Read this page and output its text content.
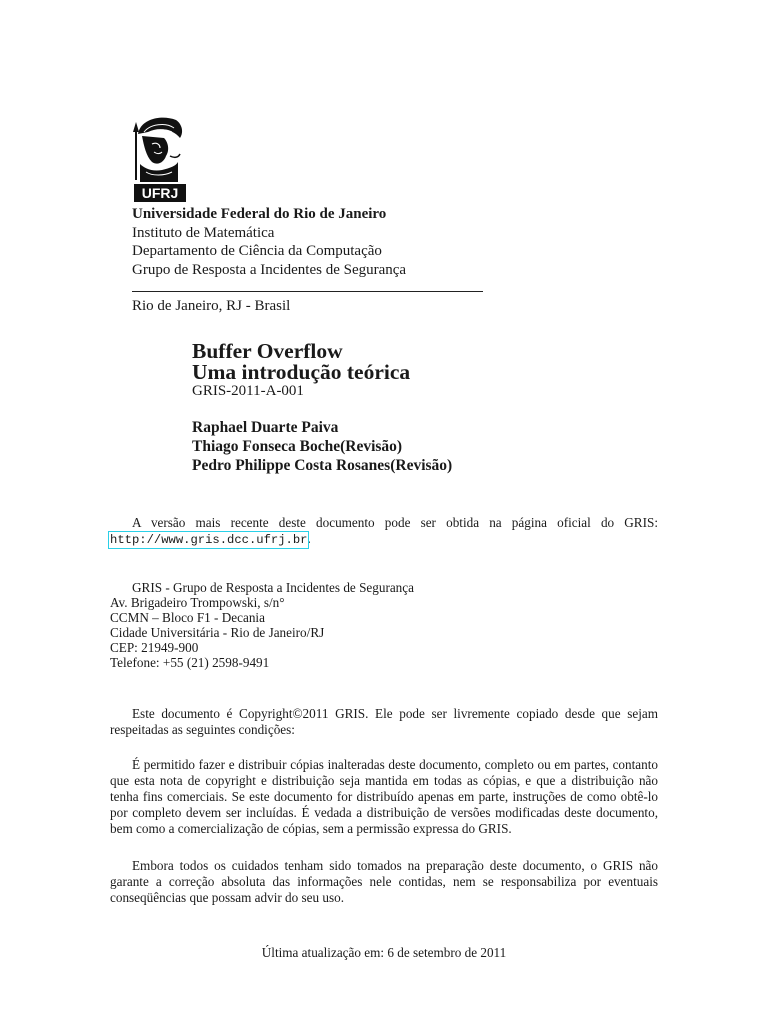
UFRJ
Universidade Federal do Rio de Janeiro
Instituto de Matemática
Departamento de Ciência da Computação
Grupo de Resposta a Incidentes de Segurança
Rio de Janeiro, RJ - Brasil
Buffer Overflow
Uma introdução teórica
GRIS-2011-A-001
Raphael Duarte Paiva
Thiago Fonseca Boche(Revisão)
Pedro Philippe Costa Rosanes(Revisão)
A versão mais recente deste documento pode ser obtida na página oficial do GRIS: http://www.gris.dcc.ufrj.br.
GRIS - Grupo de Resposta a Incidentes de Segurança
Av. Brigadeiro Trompowski, s/n°
CCMN – Bloco F1 - Decania
Cidade Universitária - Rio de Janeiro/RJ
CEP: 21949-900
Telefone: +55 (21) 2598-9491
Este documento é Copyright©2011 GRIS. Ele pode ser livremente copiado desde que sejam respeitadas as seguintes condições:
É permitido fazer e distribuir cópias inalteradas deste documento, completo ou em partes, contanto que esta nota de copyright e distribuição seja mantida em todas as cópias, e que a distribuição não tenha fins comerciais. Se este documento for distribuído apenas em parte, instruções de como obtê-lo por completo devem ser incluídas. É vedada a distribuição de versões modificadas deste documento, bem como a comercialização de cópias, sem a permissão expressa do GRIS.
Embora todos os cuidados tenham sido tomados na preparação deste documento, o GRIS não garante a correção absoluta das informações nele contidas, nem se responsabiliza por eventuais conseqüências que possam advir do seu uso.
Última atualização em: 6 de setembro de 2011
